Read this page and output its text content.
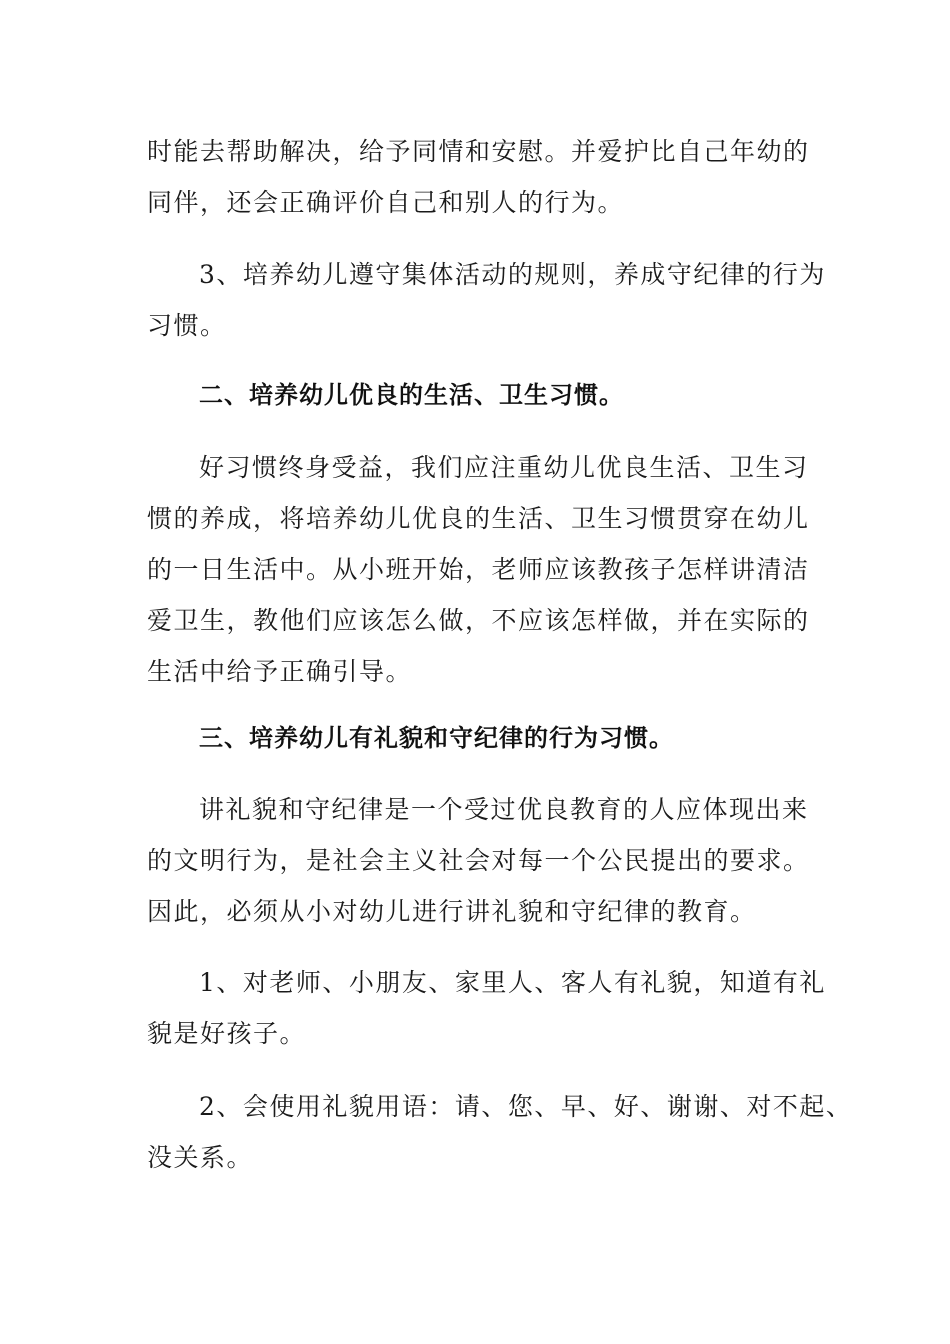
时能去帮助解决，给予同情和安慰。并爱护比自己年幼的
同伴，还会正确评价自己和别人的行为。

3、培养幼儿遵守集体活动的规则，养成守纪律的行为
习惯。

二、培养幼儿优良的生活、卫生习惯。

好习惯终身受益，我们应注重幼儿优良生活、卫生习
惯的养成，将培养幼儿优良的生活、卫生习惯贯穿在幼儿
的一日生活中。从小班开始，老师应该教孩子怎样讲清洁
爱卫生，教他们应该怎么做，不应该怎样做，并在实际的
生活中给予正确引导。

三、培养幼儿有礼貌和守纪律的行为习惯。

讲礼貌和守纪律是一个受过优良教育的人应体现出来
的文明行为，是社会主义社会对每一个公民提出的要求。
因此，必须从小对幼儿进行讲礼貌和守纪律的教育。

1、对老师、小朋友、家里人、客人有礼貌，知道有礼
貌是好孩子。

2、会使用礼貌用语：请、您、早、好、谢谢、对不起、
没关系。
